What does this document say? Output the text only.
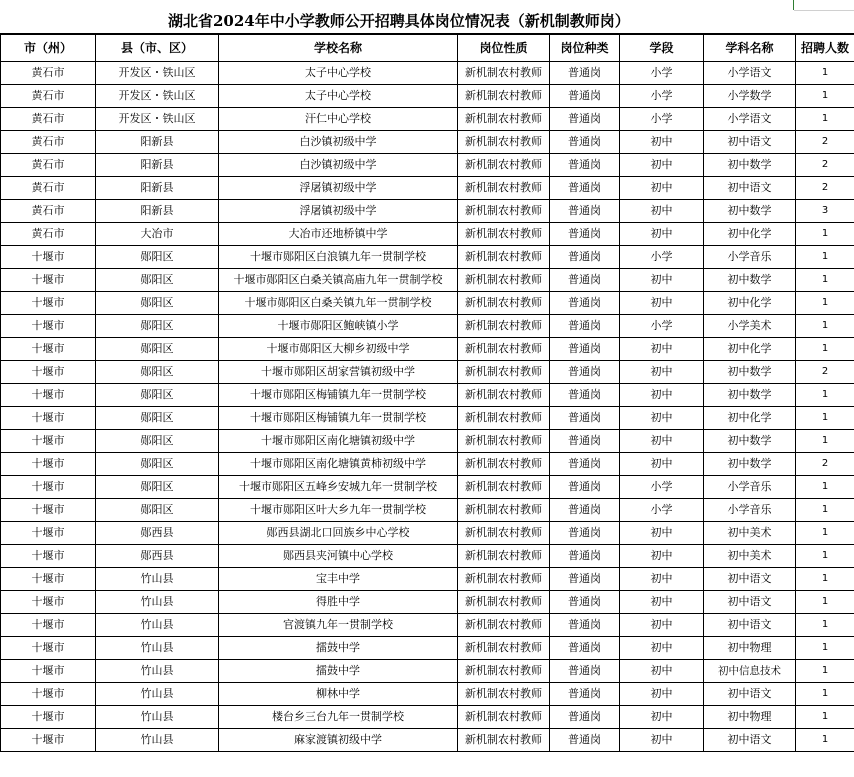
湖北省2024年中小学教师公开招聘具体岗位情况表（新机制教师岗）
市（州）	县（市、区）	学校名称	岗位性质	岗位种类	学段	学科名称	招聘人数
黄石市	开发区・铁山区	太子中心学校	新机制农村教师	普通岗	小学	小学语文	1
黄石市	开发区・铁山区	太子中心学校	新机制农村教师	普通岗	小学	小学数学	1
黄石市	开发区・铁山区	汗仁中心学校	新机制农村教师	普通岗	小学	小学语文	1
黄石市	阳新县	白沙镇初级中学	新机制农村教师	普通岗	初中	初中语文	2
黄石市	阳新县	白沙镇初级中学	新机制农村教师	普通岗	初中	初中数学	2
黄石市	阳新县	浮屠镇初级中学	新机制农村教师	普通岗	初中	初中语文	2
黄石市	阳新县	浮屠镇初级中学	新机制农村教师	普通岗	初中	初中数学	3
黄石市	大冶市	大冶市还地桥镇中学	新机制农村教师	普通岗	初中	初中化学	1
十堰市	郧阳区	十堰市郧阳区白浪镇九年一贯制学校	新机制农村教师	普通岗	小学	小学音乐	1
十堰市	郧阳区	十堰市郧阳区白桑关镇高庙九年一贯制学校	新机制农村教师	普通岗	初中	初中数学	1
十堰市	郧阳区	十堰市郧阳区白桑关镇九年一贯制学校	新机制农村教师	普通岗	初中	初中化学	1
十堰市	郧阳区	十堰市郧阳区鲍峡镇小学	新机制农村教师	普通岗	小学	小学美术	1
十堰市	郧阳区	十堰市郧阳区大柳乡初级中学	新机制农村教师	普通岗	初中	初中化学	1
十堰市	郧阳区	十堰市郧阳区胡家营镇初级中学	新机制农村教师	普通岗	初中	初中数学	2
十堰市	郧阳区	十堰市郧阳区梅铺镇九年一贯制学校	新机制农村教师	普通岗	初中	初中数学	1
十堰市	郧阳区	十堰市郧阳区梅铺镇九年一贯制学校	新机制农村教师	普通岗	初中	初中化学	1
十堰市	郧阳区	十堰市郧阳区南化塘镇初级中学	新机制农村教师	普通岗	初中	初中数学	1
十堰市	郧阳区	十堰市郧阳区南化塘镇黄柿初级中学	新机制农村教师	普通岗	初中	初中数学	2
十堰市	郧阳区	十堰市郧阳区五峰乡安城九年一贯制学校	新机制农村教师	普通岗	小学	小学音乐	1
十堰市	郧阳区	十堰市郧阳区叶大乡九年一贯制学校	新机制农村教师	普通岗	小学	小学音乐	1
十堰市	郧西县	郧西县湖北口回族乡中心学校	新机制农村教师	普通岗	初中	初中美术	1
十堰市	郧西县	郧西县夹河镇中心学校	新机制农村教师	普通岗	初中	初中美术	1
十堰市	竹山县	宝丰中学	新机制农村教师	普通岗	初中	初中语文	1
十堰市	竹山县	得胜中学	新机制农村教师	普通岗	初中	初中语文	1
十堰市	竹山县	官渡镇九年一贯制学校	新机制农村教师	普通岗	初中	初中语文	1
十堰市	竹山县	擂鼓中学	新机制农村教师	普通岗	初中	初中物理	1
十堰市	竹山县	擂鼓中学	新机制农村教师	普通岗	初中	初中信息技术	1
十堰市	竹山县	柳林中学	新机制农村教师	普通岗	初中	初中语文	1
十堰市	竹山县	楼台乡三台九年一贯制学校	新机制农村教师	普通岗	初中	初中物理	1
十堰市	竹山县	麻家渡镇初级中学	新机制农村教师	普通岗	初中	初中语文	1
